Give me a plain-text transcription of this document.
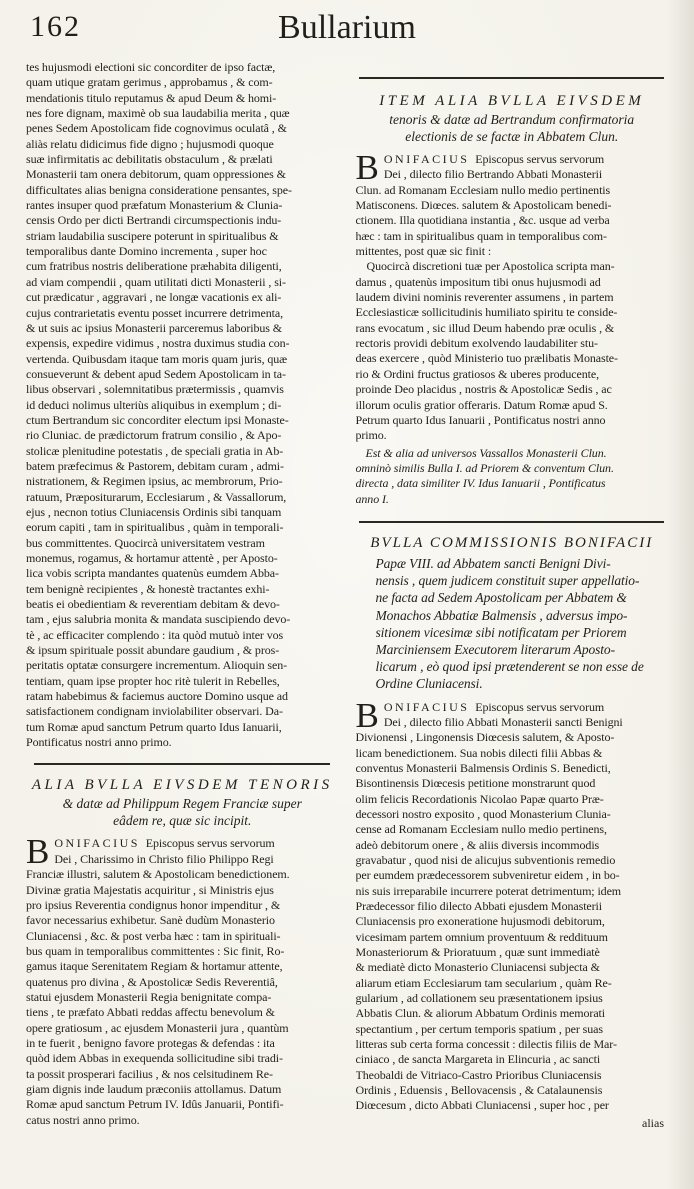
162	Bullarium
tes hujusmodi electioni sic concorditer de ipso factæ,
quam utique gratam gerimus , approbamus , & com-
mendationis titulo reputamus & apud Deum & homi-
nes fore dignam, maximè ob sua laudabilia merita , quæ
penes Sedem Apostolicam fide cognovimus oculatâ , &
aliàs relatu didicimus fide digno ; hujusmodi quoque
suæ infirmitatis ac debilitatis obstaculum , & prælati
Monasterii tam onera debitorum, quam oppressiones &
difficultates alias benigna consideratione pensantes, spe-
rantes insuper quod præfatum Monasterium & Clunia-
censis Ordo per dicti Bertrandi circumspectionis indu-
striam laudabilia suscipere poterunt in spiritualibus &
temporalibus dante Domino incrementa , super hoc
cum fratribus nostris deliberatione præhabita diligenti,
ad viam compendii , quam utilitati dicti Monasterii , si-
cut prædicatur , aggravari , ne longæ vacationis ex ali-
cujus contrarietatis eventu posset incurrere detrimenta,
& ut suis ac ipsius Monasterii parceremus laboribus &
expensis, expedire vidimus , nostra duximus studia con-
vertenda. Quibusdam itaque tam moris quam juris, quæ
consueverunt & debent apud Sedem Apostolicam in ta-
libus observari , solemnitatibus prætermissis , quamvis
id deduci nolimus ulteriùs aliquibus in exemplum ; di-
ctum Bertrandum sic concorditer electum ipsi Monaste-
rio Cluniac. de prædictorum fratrum consilio , & Apo-
stolicæ plenitudine potestatis , de speciali gratia in Ab-
batem præfecimus & Pastorem, debitam curam , admi-
nistrationem, & Regimen ipsius, ac membrorum, Prio-
ratuum, Præpositurarum, Ecclesiarum , & Vassallorum,
ejus , necnon totius Cluniacensis Ordinis sibi tanquam
eorum capiti , tam in spiritualibus , quàm in temporali-
bus committentes. Quocircà universitatem vestram
monemus, rogamus, & hortamur attentè , per Aposto-
lica vobis scripta mandantes quatenùs eumdem Abba-
tem benignè recipientes , & honestè tractantes exhi-
beatis ei obedientiam & reverentiam debitam & devo-
tam , ejus salubria monita & mandata suscipiendo devo-
tè , ac efficaciter complendo : ita quòd mutuò inter vos
& ipsum spirituale possit abundare gaudium , & pros-
peritatis optatæ consurgere incrementum. Alioquin sen-
tentiam, quam ipse propter hoc ritè tulerit in Rebelles,
ratam habebimus & faciemus auctore Domino usque ad
satisfactionem condignam inviolabiliter observari. Da-
tum Romæ apud sanctum Petrum quarto Idus Ianuarii,
Pontificatus nostri anno primo.
ALIA BVLLA EIVSDEM TENORIS
& datæ ad Philippum Regem Franciæ super
eâdem re, quæ sic incipit.
B ONIFACIUS Episcopus servus servorum
Dei , Charissimo in Christo filio Philippo Regi
Franciæ illustri, salutem & Apostolicam benedictionem.
Divinæ gratia Majestatis acquiritur , si Ministris ejus
pro ipsius Reverentia condignus honor impenditur , &
favor necessarius exhibetur. Sanè dudùm Monasterio
Cluniacensi , &c. & post verba hæc : tam in spirituali-
bus quam in temporalibus committentes : Sic finit, Ro-
gamus itaque Serenitatem Regiam & hortamur attente,
quatenus pro divina , & Apostolicæ Sedis Reverentiâ,
statui ejusdem Monasterii Regia benignitate compa-
tiens , te præfato Abbati reddas affectu benevolum &
opere gratiosum , ac ejusdem Monasterii jura , quantùm
in te fuerit , benigno favore protegas & defendas : ita
quòd idem Abbas in exequenda sollicitudine sibi tradi-
ta possit prosperari facilius , & nos celsitudinem Re-
giam dignis inde laudum præconiis attollamus. Datum
Romæ apud sanctum Petrum IV. Idûs Januarii, Pontifi-
catus nostri anno primo.
ITEM ALIA BVLLA EIVSDEM
tenoris & datæ ad Bertrandum confirmatoria
electionis de se factæ in Abbatem Clun.
B ONIFACIUS Episcopus servus servorum
Dei , dilecto filio Bertrando Abbati Monasterii
Clun. ad Romanam Ecclesiam nullo medio pertinentis
Matisconens. Diœces. salutem & Apostolicam benedi-
ctionem. Illa quotidiana instantia , &c. usque ad verba
hæc : tam in spiritualibus quam in temporalibus com-
mittentes, post quæ sic finit :
Quocircà discretioni tuæ per Apostolica scripta man-
damus , quatenùs impositum tibi onus hujusmodi ad
laudem divini nominis reverenter assumens , in partem
Ecclesiasticæ sollicitudinis humiliato spiritu te conside-
rans evocatum , sic illud Deum habendo præ oculis , &
rectoris providi debitum exolvendo laudabiliter stu-
deas exercere , quòd Ministerio tuo prælibatis Monaste-
rio & Ordini fructus gratiosos & uberes producente,
proinde Deo placidus , nostris & Apostolicæ Sedis , ac
illorum oculis gratior offeraris. Datum Romæ apud S.
Petrum quarto Idus Ianuarii , Pontificatus nostri anno
primo.
Est & alia ad universos Vassallos Monasterii Clun.
omninò similis Bulla I. ad Priorem & conventum Clun.
directa , data similiter IV. Idus Ianuarii , Pontificatus
anno I.
BVLLA COMMISSIONIS BONIFACII
Papæ VIII. ad Abbatem sancti Benigni Divi-
nensis , quem judicem constituit super appellatio-
ne facta ad Sedem Apostolicam per Abbatem &
Monachos Abbatiæ Balmensis , adversus impo-
sitionem vicesimæ sibi notificatam per Priorem
Marciniensem Executorem literarum Aposto-
licarum , eò quod ipsi prætenderent se non esse de
Ordine Cluniacensi.
B ONIFACIUS Episcopus servus servorum
Dei , dilecto filio Abbati Monasterii sancti Benigni
Divionensi , Lingonensis Diœcesis salutem, & Aposto-
licam benedictionem. Sua nobis dilecti filii Abbas &
conventus Monasterii Balmensis Ordinis S. Benedicti,
Bisontinensis Diœcesis petitione monstrarunt quod
olim felicis Recordationis Nicolao Papæ quarto Præ-
decessori nostro exposito , quod Monasterium Clunia-
cense ad Romanam Ecclesiam nullo medio pertinens,
adeò debitorum onere , & aliis diversis incommodis
gravabatur , quod nisi de alicujus subventionis remedio
per eumdem prædecessorem subveniretur eidem , in bo-
nis suis irreparabile incurrere poterat detrimentum; idem
Prædecessor filio dilecto Abbati ejusdem Monasterii
Cluniacensis pro exoneratione hujusmodi debitorum,
vicesimam partem omnium proventuum & reddituum
Monasteriorum & Prioratuum , quæ sunt immediatè
& mediatè dicto Monasterio Cluniacensi subjecta &
aliarum etiam Ecclesiarum tam secularium , quàm Re-
gularium , ad collationem seu præsentationem ipsius
Abbatis Clun. & aliorum Abbatum Ordinis memorati
spectantium , per certum temporis spatium , per suas
litteras sub certa forma concessit : dilectis filiis de Mar-
ciniaco , de sancta Margareta in Elincuria , ac sancti
Theobaldi de Vitriaco-Castro Prioribus Cluniacensis
Ordinis , Eduensis , Bellovacensis , & Catalaunensis
Diœcesum , dicto Abbati Cluniacensi , super hoc , per
alias
